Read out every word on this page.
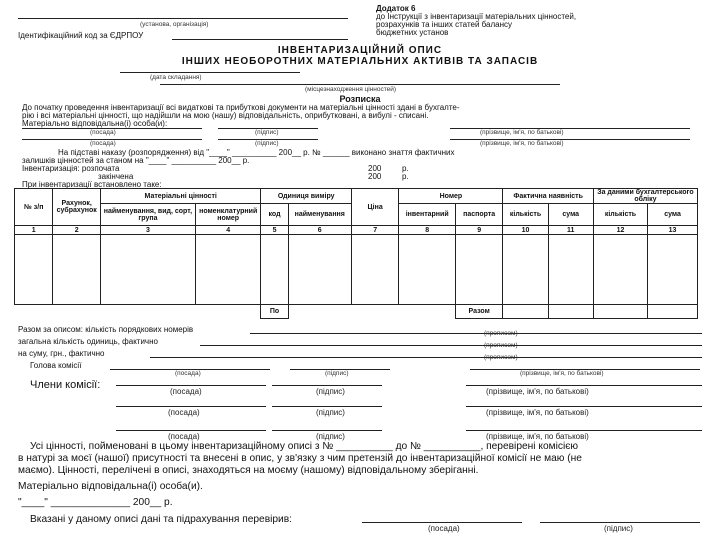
Додаток 6
до Інструкції з інвентаризації матеріальних цінностей,
розрахунків та інших статей балансу
бюджетних установ
(установа, організація)
Ідентифікаційний код за ЄДРПОУ
ІНВЕНТАРИЗАЦІЙНИЙ ОПИС
ІНШИХ НЕОБОРОТНИХ МАТЕРІАЛЬНИХ АКТИВІВ ТА ЗАПАСІВ
(дата складання)
(місцезнаходження цінностей)
Розписка
До початку проведення інвентаризації всі видаткові та прибуткові документи на матеріальні цінності здані в бухгалте-
рію і всі матеріальні цінності, що надійшли на мою (нашу) відповідальність, оприбутковані, а вибулі - списані.
Матеріально відповідальна(і) особа(и):
(посада)	(підпис)	(прізвище, ім'я, по батькові)
(посада)	(підпис)	(прізвище, ім'я, по батькові)
На підставі наказу (розпорядження) від "____" __________ 200__ р. № ______ виконано знаття фактичних
залишків цінностей за станом на "____" __________ 200__ р.
Інвентаризація: розпочата	200	р.
закінчена	200	р.
При інвентаризації встановлено таке:
№ з/п	Рахунок, субрахунок	Матеріальні цінності		Одиниця виміру		Ціна	Номер		Фактична наявність		За даними бухгалтерського обліку	
		найменування, вид, сорт, група	номенклатурний номер	код	найменування		інвентарний	паспорта	кількість	сума	кількість	сума
1	2	3	4	5	6	7	8	9	10	11	12	13

				По				Разом				
Разом за описом: кількість порядкових номерів	(прописом)
загальна кількість одиниць, фактично	(прописом)
на суму, грн., фактично	(прописом)
Голова комісії
(посада)	(підпис)	(прізвище, ім'я, по батькові)
Члени комісії:
(посада)	(підпис)	(прізвище, ім'я, по батькові)
(посада)	(підпис)	(прізвище, ім'я, по батькові)
(посада)	(підпис)	(прізвище, ім'я, по батькові)
Усі цінності, пойменовані в цьому інвентаризаційному описі з № __________ до № __________, перевірені комісією
в натурі за моєї (нашої) присутності та внесені в опис, у зв'язку з чим претензій до інвентаризаційної комісії не маю (не
маємо). Цінності, перелічені в описі, знаходяться на моєму (нашому) відповідальному зберіганні.
Матеріально відповідальна(і) особа(и).
"____" ______________ 200__ р.
Вказані у даному описі дані та підрахування перевірив:
(посада)	(підпис)
